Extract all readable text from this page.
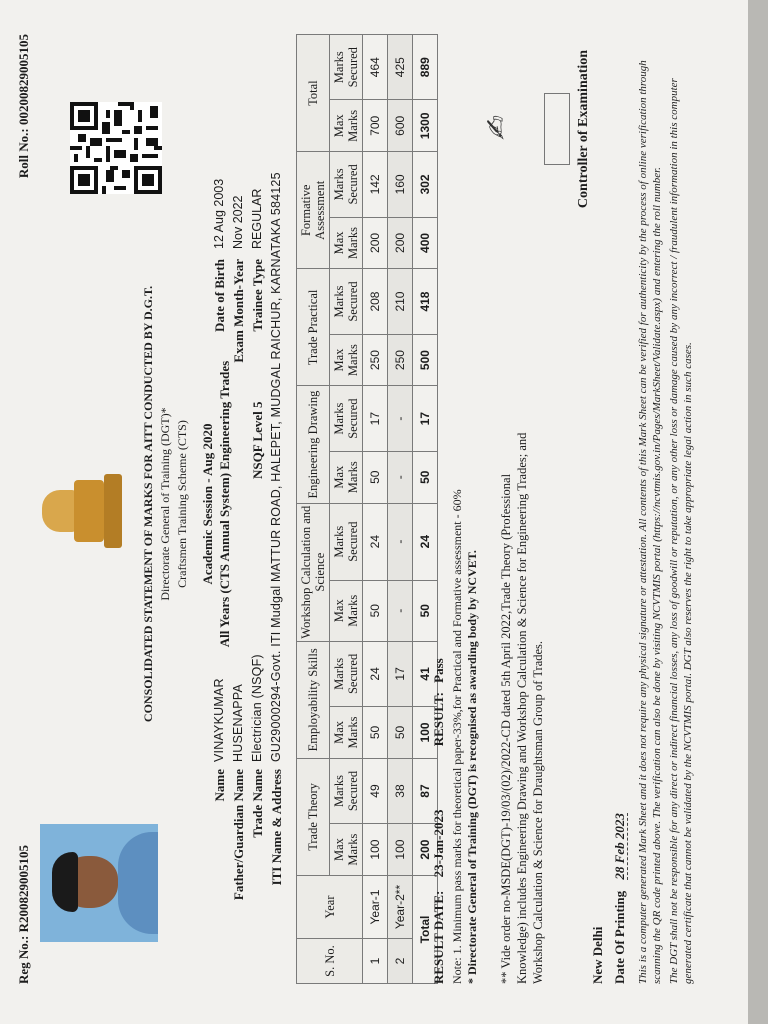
Reg No.: R200829005105
Roll No.: 00200829005105
CONSOLIDATED STATEMENT OF MARKS FOR AITT CONDUCTED BY D.G.T. Directorate General of Training (DGT)* Craftsmen Training Scheme (CTS) Academic Session - Aug 2020 All Years (CTS Annual System) Engineering Trades
Name
VINAYKUMAR
Date of Birth
12 Aug 2003
Father/Guardian Name
HUSENAPPA
Exam Month-Year
Nov 2022
Trade Name
Electrician (NSQF)
NSQF Level 5
Trainee Type
REGULAR
ITI Name & Address
GU29000294-Govt. ITI Mudgal MATTUR ROAD, HALEPET, MUDGAL RAICHUR, KARNATAKA 584125
S. No.	Year	Trade Theory		Employability Skills		Workshop Calculation and Science		Engineering Drawing		Trade Practical		Formative Assessment		Total	
		Max Marks	Marks Secured	Max Marks	Marks Secured	Max Marks	Marks Secured	Max Marks	Marks Secured	Max Marks	Marks Secured	Max Marks	Marks Secured	Max Marks	Marks Secured
1	Year-1	100	49	50	24	50	24	50	17	250	208	200	142	700	464
2	Year-2**	100	38	50	17	-	-	-	-	250	210	200	160	600	425
Total		200	87	100	41	50	24	50	17	500	418	400	302	1300	889
RESULT DATE: 23-Jan-2023 RESULT: Pass Note: 1. Minimum pass marks for theoretical paper-33%,for Practical and Formative assessment - 60% * Directorate General of Training (DGT) is recognised as awarding body by NCVET. ** Vide order no-MSDE(DGT)-19/03/(02)/2022-CD dated 5th April 2022,Trade Theory (Professional Knowledge) includes Engineering Drawing and Workshop Calculation & Science for Engineering Trades; and Workshop Calculation & Science for Draughtsman Group of Trades.
✍︎	Controller of Examination
New Delhi Date Of Printing 28 Feb 2023 This is a computer generated Mark Sheet and it does not require any physical signature or attestation. All contents of this Mark Sheet can be verified for authenticity by the process of online verification through scanning the QR code printed above. The verification can also be done by visiting NCVTMIS portal (https://ncvtmis.gov.in/Pages/MarkSheet/Validate.aspx) and entering the roll number. The DGT shall not be responsible for any direct or indirect financial losses, any loss of goodwill or reputation, or any other loss or damage caused by any incorrect / fraudulent information in this computer generated certificate that cannot be validated by the NCVTMIS portal. DGT also reserves the right to take appropriate legal action in such cases.
